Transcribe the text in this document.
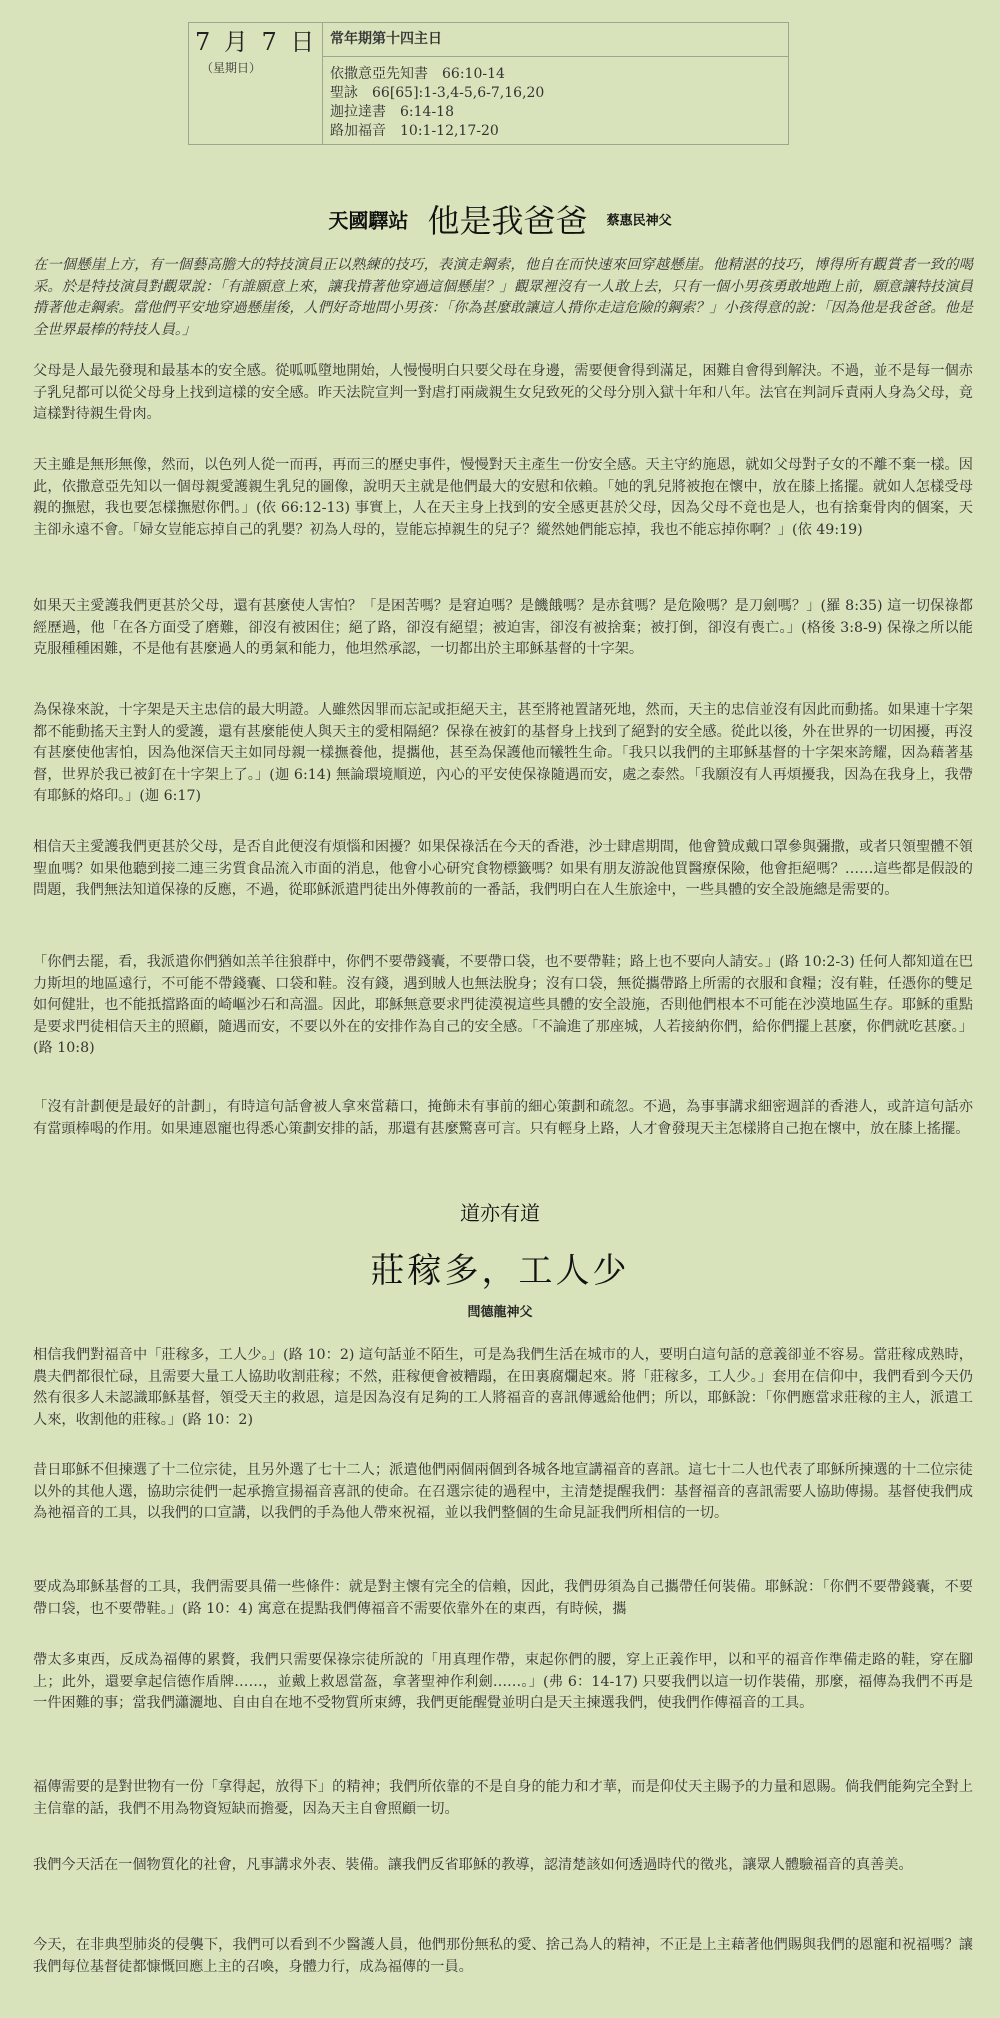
7 月 7 日
（星期日）
常年期第十四主日
依撒意亞先知書 66:10-14
聖詠 66[65]:1-3,4-5,6-7,16,20
迦拉達書 6:14-18
路加福音 10:1-12,17-20
天國驛站 他是我爸爸 蔡惠民神父

在一個懸崖上方，有一個藝高膽大的特技演員正以熟練的技巧，表演走鋼索，他自在而快速來回穿越懸崖。他精湛的技巧，博得所有觀賞者一致的喝采。於是特技演員對觀眾說：「有誰願意上來，讓我揹著他穿過這個懸崖？」觀眾裡沒有一人敢上去，只有一個小男孩勇敢地跑上前，願意讓特技演員揹著他走鋼索。當他們平安地穿過懸崖後，人們好奇地問小男孩：「你為甚麼敢讓這人揹你走這危險的鋼索？」小孩得意的說：「因為他是我爸爸。他是全世界最棒的特技人員。」

父母是人最先發現和最基本的安全感。從呱呱墮地開始，人慢慢明白只要父母在身邊，需要便會得到滿足，困難自會得到解決。不過，並不是每一個赤子乳兒都可以從父母身上找到這樣的安全感。昨天法院宣判一對虐打兩歲親生女兒致死的父母分別入獄十年和八年。法官在判詞斥責兩人身為父母，竟這樣對待親生骨肉。

天主雖是無形無像，然而，以色列人從一而再，再而三的歷史事件，慢慢對天主產生一份安全感。天主守約施恩，就如父母對子女的不離不棄一樣。因此，依撒意亞先知以一個母親愛護親生乳兒的圖像，說明天主就是他們最大的安慰和依賴。「她的乳兒將被抱在懷中，放在膝上搖擺。就如人怎樣受母親的撫慰，我也要怎樣撫慰你們。」(依 66:12-13) 事實上，人在天主身上找到的安全感更甚於父母，因為父母不竟也是人，也有捨棄骨肉的個案，天主卻永遠不會。「婦女豈能忘掉自己的乳嬰？初為人母的，豈能忘掉親生的兒子？縱然她們能忘掉，我也不能忘掉你啊？」(依 49:19)

如果天主愛護我們更甚於父母，還有甚麼使人害怕？「是困苦嗎？是窘迫嗎？是饑餓嗎？是赤貧嗎？是危險嗎？是刀劍嗎？」(羅 8:35) 這一切保祿都經歷過，他「在各方面受了磨難，卻沒有被困住；絕了路，卻沒有絕望；被迫害，卻沒有被捨棄；被打倒，卻沒有喪亡。」(格後 3:8-9) 保祿之所以能克服種種困難，不是他有甚麼過人的勇氣和能力，他坦然承認，一切都出於主耶穌基督的十字架。

為保祿來說，十字架是天主忠信的最大明證。人雖然因罪而忘記或拒絕天主，甚至將祂置諸死地，然而，天主的忠信並沒有因此而動搖。如果連十字架都不能動搖天主對人的愛護，還有甚麼能使人與天主的愛相隔絕？保祿在被釘的基督身上找到了絕對的安全感。從此以後，外在世界的一切困擾，再沒有甚麼使他害怕，因為他深信天主如同母親一樣撫養他，提攜他，甚至為保護他而犧牲生命。「我只以我們的主耶穌基督的十字架來誇耀，因為藉著基督，世界於我已被釘在十字架上了。」(迦 6:14) 無論環境順逆，內心的平安使保祿隨遇而安，處之泰然。「我願沒有人再煩擾我，因為在我身上，我帶有耶穌的烙印。」(迦 6:17)

相信天主愛護我們更甚於父母，是否自此便沒有煩惱和困擾？如果保祿活在今天的香港，沙士肆虐期間，他會贊成戴口罩參與彌撒，或者只領聖體不領聖血嗎？如果他聽到接二連三劣質食品流入市面的消息，他會小心研究食物標籤嗎？如果有朋友游說他買醫療保險，他會拒絕嗎？……這些都是假設的問題，我們無法知道保祿的反應，不過，從耶穌派遣門徒出外傳教前的一番話，我們明白在人生旅途中，一些具體的安全設施總是需要的。

「你們去罷，看，我派遣你們猶如羔羊往狼群中，你們不要帶錢囊，不要帶口袋，也不要帶鞋；路上也不要向人請安。」(路 10:2-3) 任何人都知道在巴力斯坦的地區遠行，不可能不帶錢囊、口袋和鞋。沒有錢，遇到賊人也無法脫身；沒有口袋，無從攜帶路上所需的衣服和食糧；沒有鞋，任憑你的雙足如何健壯，也不能抵擋路面的崎嶇沙石和高溫。因此，耶穌無意要求門徒漠視這些具體的安全設施，否則他們根本不可能在沙漠地區生存。耶穌的重點是要求門徒相信天主的照顧，隨遇而安，不要以外在的安排作為自己的安全感。「不論進了那座城，人若接納你們，給你們擺上甚麼，你們就吃甚麼。」(路 10:8)

「沒有計劃便是最好的計劃」，有時這句話會被人拿來當藉口，掩飾未有事前的細心策劃和疏忽。不過，為事事講求細密週詳的香港人，或許這句話亦有當頭棒喝的作用。如果連恩寵也得悉心策劃安排的話，那還有甚麼驚喜可言。只有輕身上路，人才會發現天主怎樣將自己抱在懷中，放在膝上搖擺。

道亦有道
莊稼多，工人少
閆德龍神父

相信我們對福音中「莊稼多，工人少。」(路 10：2) 這句話並不陌生，可是為我們生活在城市的人，要明白這句話的意義卻並不容易。當莊稼成熟時，農夫們都很忙碌，且需要大量工人協助收割莊稼；不然，莊稼便會被糟蹋，在田裏腐爛起來。將「莊稼多，工人少。」套用在信仰中，我們看到今天仍然有很多人未認識耶穌基督，領受天主的救恩，這是因為沒有足夠的工人將福音的喜訊傳遞給他們；所以，耶穌說：「你們應當求莊稼的主人，派遣工人來，收割他的莊稼。」(路 10：2)

昔日耶穌不但揀選了十二位宗徒，且另外選了七十二人；派遣他們兩個兩個到各城各地宣講福音的喜訊。這七十二人也代表了耶穌所揀選的十二位宗徒以外的其他人選，協助宗徒們一起承擔宣揚福音喜訊的使命。在召選宗徒的過程中，主清楚提醒我們：基督福音的喜訊需要人協助傳揚。基督使我們成為祂福音的工具，以我們的口宣講，以我們的手為他人帶來祝福，並以我們整個的生命見証我們所相信的一切。

要成為耶穌基督的工具，我們需要具備一些條件：就是對主懷有完全的信賴，因此，我們毋須為自己攜帶任何裝備。耶穌說：「你們不要帶錢囊，不要帶口袋，也不要帶鞋。」(路 10：4) 寓意在提點我們傳福音不需要依靠外在的東西，有時候，攜

帶太多東西，反成為福傳的累贅，我們只需要保祿宗徒所說的「用真理作帶，束起你們的腰，穿上正義作甲，以和平的福音作準備走路的鞋，穿在腳上；此外，還要拿起信德作盾牌……，並戴上救恩當盔，拿著聖神作利劍……。」(弗 6：14-17) 只要我們以這一切作裝備，那麼，福傳為我們不再是一件困難的事；當我們瀟灑地、自由自在地不受物質所束縛，我們更能醒覺並明白是天主揀選我們，使我們作傳福音的工具。

福傳需要的是對世物有一份「拿得起，放得下」的精神；我們所依靠的不是自身的能力和才華，而是仰仗天主賜予的力量和恩賜。倘我們能夠完全對上主信靠的話，我們不用為物資短缺而擔憂，因為天主自會照顧一切。

我們今天活在一個物質化的社會，凡事講求外表、裝備。讓我們反省耶穌的教導，認清楚該如何透過時代的徵兆，讓眾人體驗福音的真善美。

今天，在非典型肺炎的侵襲下，我們可以看到不少醫護人員，他們那份無私的愛、捨己為人的精神，不正是上主藉著他們賜與我們的恩寵和祝福嗎？讓我們每位基督徒都慷慨回應上主的召喚，身體力行，成為福傳的一員。
